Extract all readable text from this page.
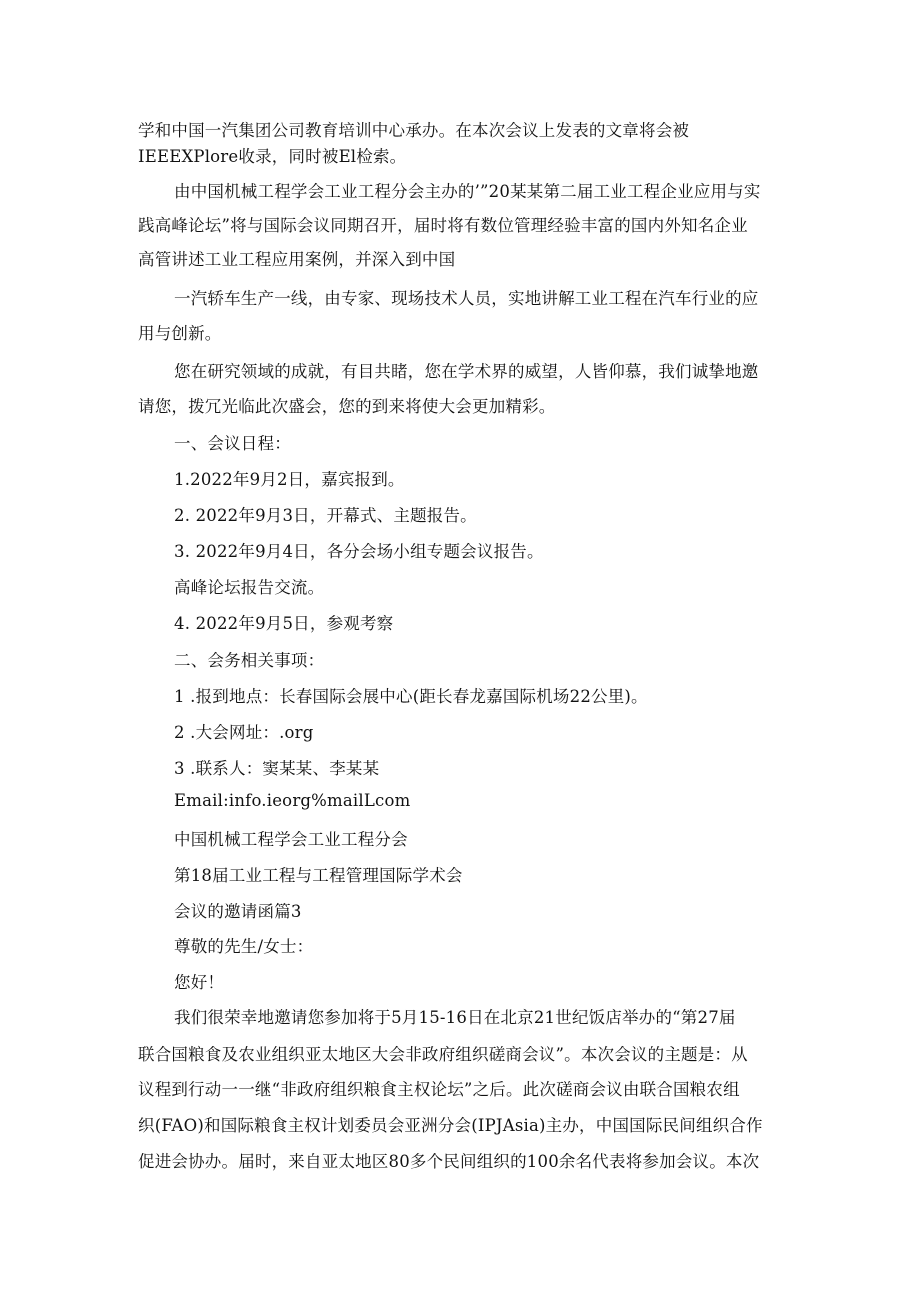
学和中国一汽集团公司教育培训中心承办。在本次会议上发表的文章将会被
IEEEXPlore收录，同时被El检索。
由中国机械工程学会工业工程分会主办的’”20某某第二届工业工程企业应用与实
践高峰论坛”将与国际会议同期召开，届时将有数位管理经验丰富的国内外知名企业
高管讲述工业工程应用案例，并深入到中国
一汽轿车生产一线，由专家、现场技术人员，实地讲解工业工程在汽车行业的应
用与创新。
您在研究领域的成就，有目共睹，您在学术界的威望，人皆仰慕，我们诚挚地邀
请您，拨冗光临此次盛会，您的到来将使大会更加精彩。
一、会议日程：
1.2022年9月2日，嘉宾报到。
2. 2022年9月3日，开幕式、主题报告。
3. 2022年9月4日，各分会场小组专题会议报告。
高峰论坛报告交流。
4. 2022年9月5日，参观考察
二、会务相关事项：
1 .报到地点：长春国际会展中心(距长春龙嘉国际机场22公里)。
2 .大会网址：.org
3 .联系人：窦某某、李某某
Email:info.ieorg%mailLcom
中国机械工程学会工业工程分会
第18届工业工程与工程管理国际学术会
会议的邀请函篇3
尊敬的先生/女士：
您好！
我们很荣幸地邀请您参加将于5月15-16日在北京21世纪饭店举办的“第27届
联合国粮食及农业组织亚太地区大会非政府组织磋商会议”。本次会议的主题是：从
议程到行动一一继“非政府组织粮食主权论坛”之后。此次磋商会议由联合国粮农组
织(FAO)和国际粮食主权计划委员会亚洲分会(IPJAsia)主办，中国国际民间组织合作
促进会协办。届时，来自亚太地区80多个民间组织的100余名代表将参加会议。本次
